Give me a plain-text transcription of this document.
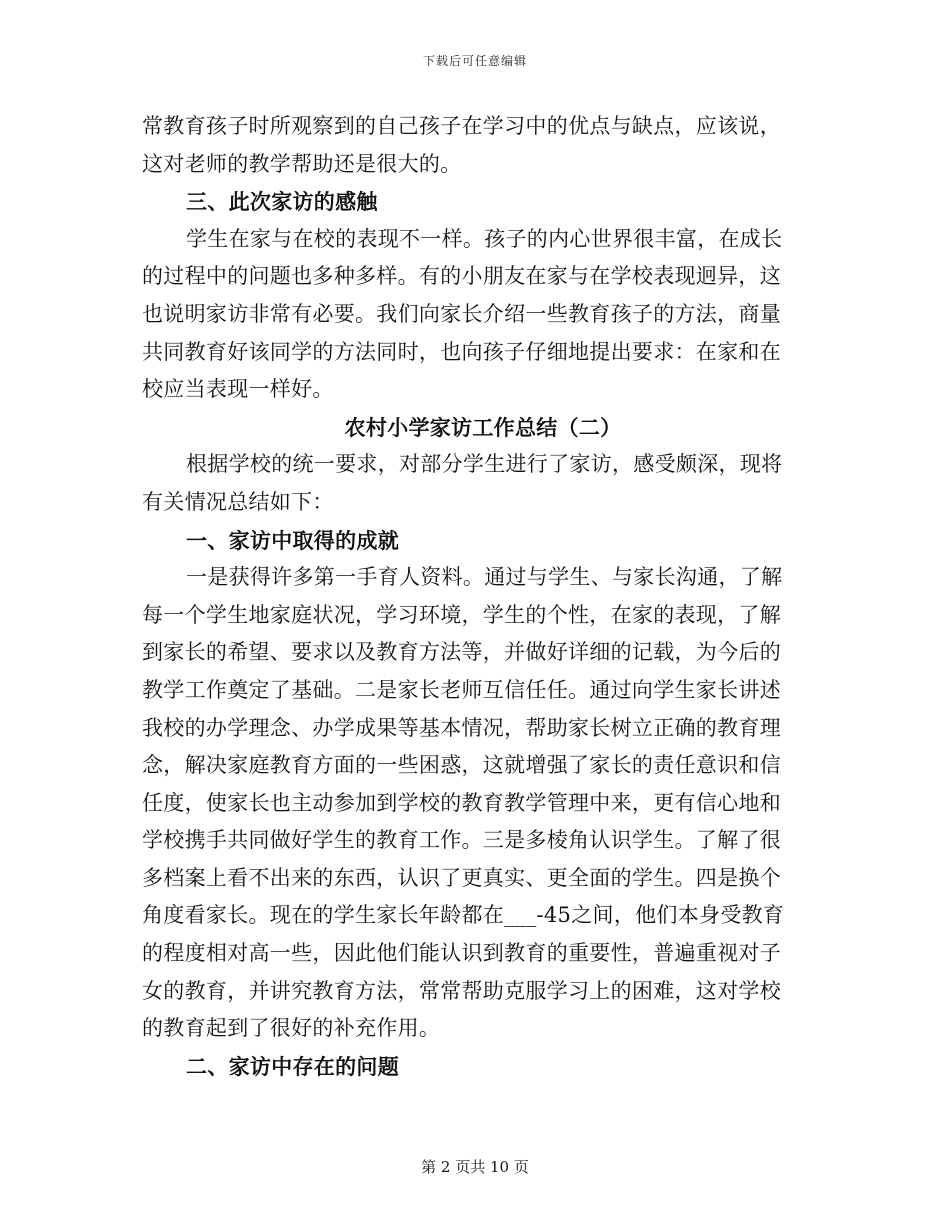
下载后可任意编辑
常教育孩子时所观察到的自己孩子在学习中的优点与缺点，应该说，
这对老师的教学帮助还是很大的。
三、此次家访的感触
学生在家与在校的表现不一样。孩子的内心世界很丰富，在成长
的过程中的问题也多种多样。有的小朋友在家与在学校表现迥异，这
也说明家访非常有必要。我们向家长介绍一些教育孩子的方法，商量
共同教育好该同学的方法同时，也向孩子仔细地提出要求：在家和在
校应当表现一样好。
农村小学家访工作总结（二）
根据学校的统一要求，对部分学生进行了家访，感受颇深，现将
有关情况总结如下：
一、家访中取得的成就
一是获得许多第一手育人资料。通过与学生、与家长沟通，了解
每一个学生地家庭状况，学习环境，学生的个性，在家的表现，了解
到家长的希望、要求以及教育方法等，并做好详细的记载，为今后的
教学工作奠定了基础。二是家长老师互信任任。通过向学生家长讲述
我校的办学理念、办学成果等基本情况，帮助家长树立正确的教育理
念，解决家庭教育方面的一些困惑，这就增强了家长的责任意识和信
任度，使家长也主动参加到学校的教育教学管理中来，更有信心地和
学校携手共同做好学生的教育工作。三是多棱角认识学生。了解了很
多档案上看不出来的东西，认识了更真实、更全面的学生。四是换个
角度看家长。现在的学生家长年龄都在___-45之间，他们本身受教育
的程度相对高一些，因此他们能认识到教育的重要性，普遍重视对子
女的教育，并讲究教育方法，常常帮助克服学习上的困难，这对学校
的教育起到了很好的补充作用。
二、家访中存在的问题
第 2 页共 10 页
